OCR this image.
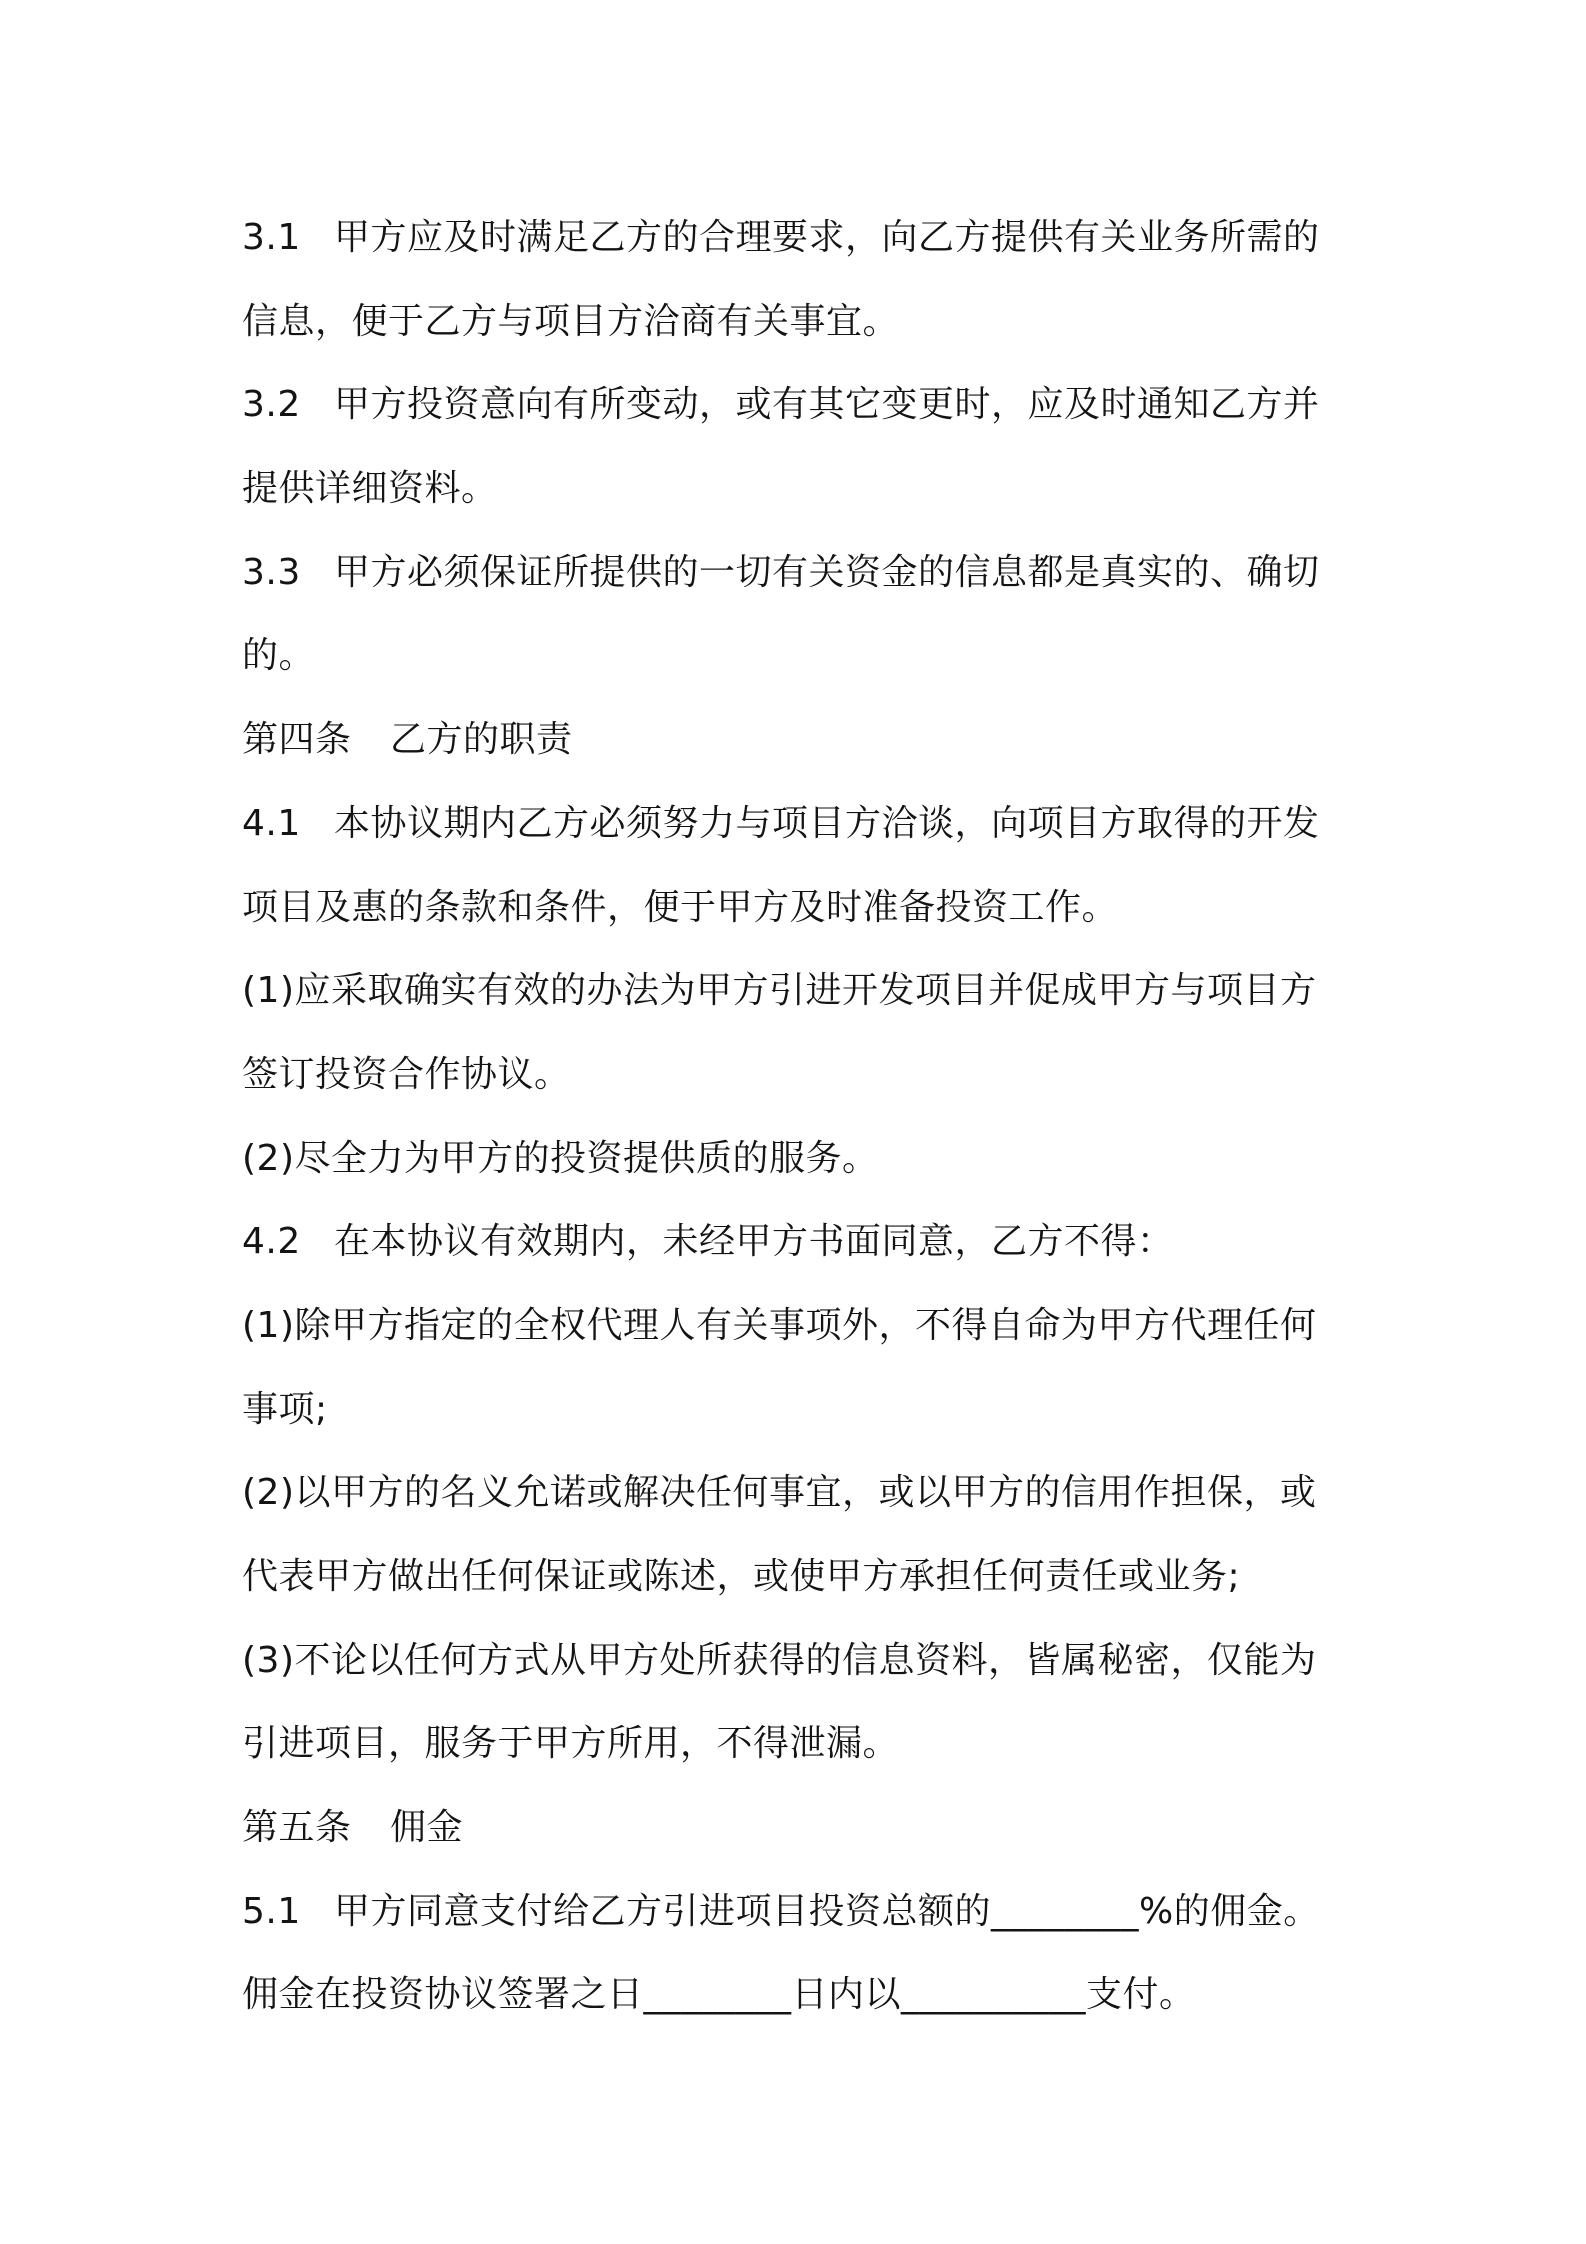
3.1 甲方应及时满足乙方的合理要求，向乙方提供有关业务所需的
信息，便于乙方与项目方洽商有关事宜。
3.2 甲方投资意向有所变动，或有其它变更时，应及时通知乙方并
提供详细资料。
3.3 甲方必须保证所提供的一切有关资金的信息都是真实的、确切
的。
第四条 乙方的职责
4.1 本协议期内乙方必须努力与项目方洽谈，向项目方取得的开发
项目及惠的条款和条件，便于甲方及时准备投资工作。
(1)应采取确实有效的办法为甲方引进开发项目并促成甲方与项目方
签订投资合作协议。
(2)尽全力为甲方的投资提供质的服务。
4.2 在本协议有效期内，未经甲方书面同意，乙方不得：
(1)除甲方指定的全权代理人有关事项外，不得自命为甲方代理任何
事项;
(2)以甲方的名义允诺或解决任何事宜，或以甲方的信用作担保，或
代表甲方做出任何保证或陈述，或使甲方承担任何责任或业务;
(3)不论以任何方式从甲方处所获得的信息资料，皆属秘密，仅能为
引进项目，服务于甲方所用，不得泄漏。
第五条 佣金
5.1 甲方同意支付给乙方引进项目投资总额的________%的佣金。
佣金在投资协议签署之日________日内以__________支付。
